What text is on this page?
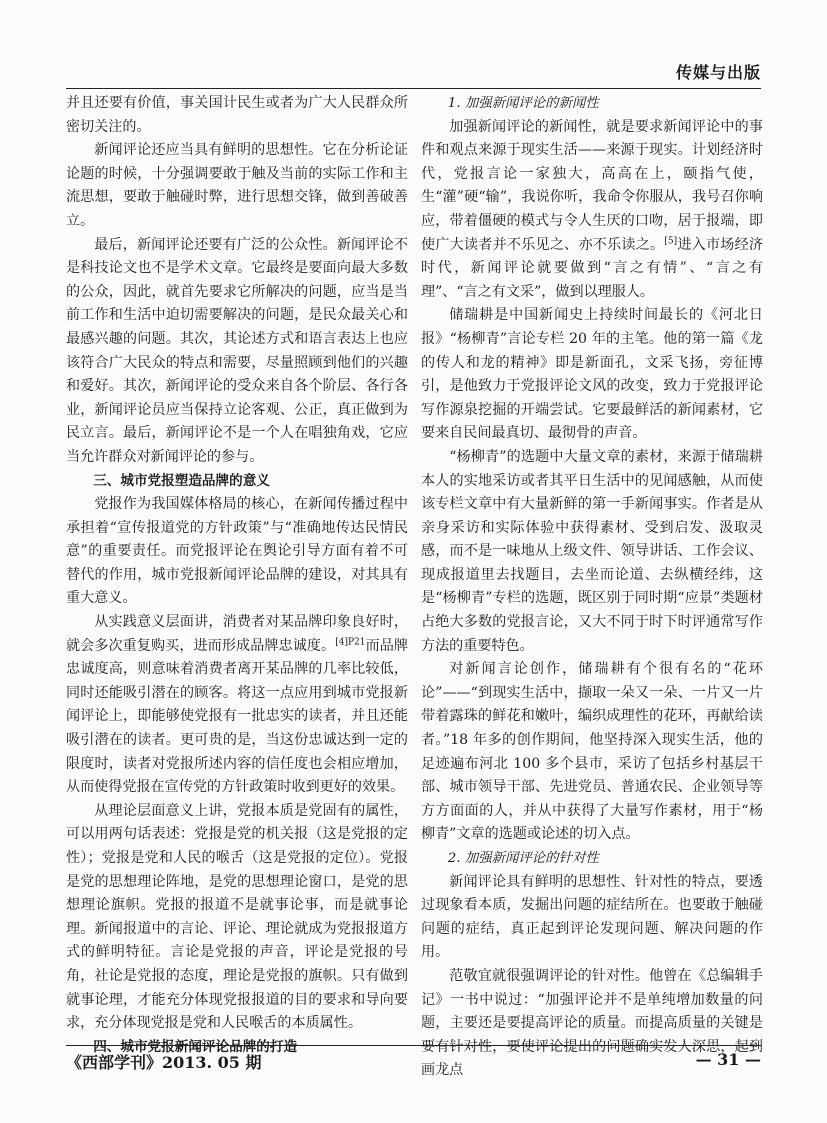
传媒与出版

并且还要有价值，事关国计民生或者为广大人民群众所密切关注的。

新闻评论还应当具有鲜明的思想性。它在分析论证论题的时候，十分强调要敢于触及当前的实际工作和主流思想，要敢于触碰时弊，进行思想交锋，做到善破善立。

最后，新闻评论还要有广泛的公众性。新闻评论不是科技论文也不是学术文章。它最终是要面向最大多数的公众，因此，就首先要求它所解决的问题，应当是当前工作和生活中迫切需要解决的问题，是民众最关心和最感兴趣的问题。其次，其论述方式和语言表达上也应该符合广大民众的特点和需要，尽量照顾到他们的兴趣和爱好。其次，新闻评论的受众来自各个阶层、各行各业，新闻评论员应当保持立论客观、公正，真正做到为民立言。最后，新闻评论不是一个人在唱独角戏，它应当允许群众对新闻评论的参与。

三、城市党报塑造品牌的意义

党报作为我国媒体格局的核心，在新闻传播过程中承担着“宣传报道党的方针政策”与“准确地传达民情民意”的重要责任。而党报评论在舆论引导方面有着不可替代的作用，城市党报新闻评论品牌的建设，对其具有重大意义。

从实践意义层面讲，消费者对某品牌印象良好时，就会多次重复购买，进而形成品牌忠诚度。$^{[4]P21}$而品牌忠诚度高，则意味着消费者离开某品牌的几率比较低，同时还能吸引潜在的顾客。将这一点应用到城市党报新闻评论上，即能够使党报有一批忠实的读者，并且还能吸引潜在的读者。更可贵的是，当这份忠诚达到一定的限度时，读者对党报所述内容的信任度也会相应增加，从而使得党报在宣传党的方针政策时收到更好的效果。

从理论层面意义上讲，党报本质是党固有的属性，可以用两句话表述：党报是党的机关报（这是党报的定性）；党报是党和人民的喉舌（这是党报的定位）。党报是党的思想理论阵地，是党的思想理论窗口，是党的思想理论旗帜。党报的报道不是就事论事，而是就事论理。新闻报道中的言论、评论、理论就成为党报报道方式的鲜明特征。言论是党报的声音，评论是党报的号角，社论是党报的态度，理论是党报的旗帜。只有做到就事论理，才能充分体现党报报道的目的要求和导向要求，充分体现党报是党和人民喉舌的本质属性。

四、城市党报新闻评论品牌的打造

1. 加强新闻评论的新闻性

加强新闻评论的新闻性，就是要求新闻评论中的事件和观点来源于现实生活——来源于现实。计划经济时代，党报言论一家独大，高高在上，颐指气使，生“灌”硬“输”，我说你听，我命令你服从，我号召你响应，带着僵硬的模式与令人生厌的口吻，居于报端，即使广大读者并不乐见之、亦不乐读之。[5]进入市场经济时代，新闻评论就要做到“言之有情”、“言之有理”、“言之有文采”，做到以理服人。

储瑞耕是中国新闻史上持续时间最长的《河北日报》“杨柳青”言论专栏 20 年的主笔。他的第一篇《龙的传人和龙的精神》即是新面孔，文采飞扬，旁征博引，是他致力于党报评论文风的改变，致力于党报评论写作源泉挖掘的开端尝试。它要最鲜活的新闻素材，它要来自民间最真切、最彻骨的声音。

“杨柳青”的选题中大量文章的素材，来源于储瑞耕本人的实地采访或者其平日生活中的见闻感触，从而使该专栏文章中有大量新鲜的第一手新闻事实。作者是从亲身采访和实际体验中获得素材、受到启发、汲取灵感，而不是一味地从上级文件、领导讲话、工作会议、现成报道里去找题目，去坐而论道、去纵横经纬，这是“杨柳青”专栏的选题，既区别于同时期“应景”类题材占绝大多数的党报言论，又大不同于时下时评通常写作方法的重要特色。

对新闻言论创作，储瑞耕有个很有名的“花环论”——“到现实生活中，撷取一朵又一朵、一片又一片带着露珠的鲜花和嫩叶，编织成理性的花环，再献给读者。”18 年多的创作期间，他坚持深入现实生活，他的足迹遍布河北 100 多个县市，采访了包括乡村基层干部、城市领导干部、先进党员、普通农民、企业领导等方方面面的人，并从中获得了大量写作素材，用于“杨柳青”文章的选题或论述的切入点。

2. 加强新闻评论的针对性

新闻评论具有鲜明的思想性、针对性的特点，要透过现象看本质，发掘出问题的症结所在。也要敢于触碰问题的症结，真正起到评论发现问题、解决问题的作用。

范敬宜就很强调评论的针对性。他曾在《总编辑手记》一书中说过：“加强评论并不是单纯增加数量的问题，主要还是要提高评论的质量。而提高质量的关键是要有针对性，要使评论提出的问题确实发人深思，起到画龙点

《西部学刊》2013. 05 期	— 31 —
